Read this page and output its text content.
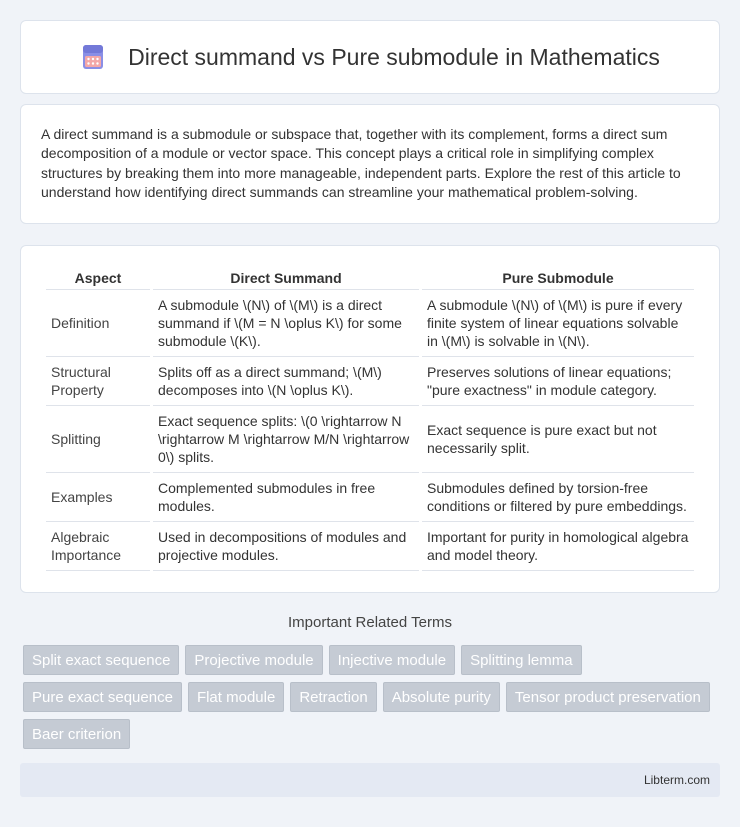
Direct summand vs Pure submodule in Mathematics

A direct summand is a submodule or subspace that, together with its complement, forms a direct sum decomposition of a module or vector space. This concept plays a critical role in simplifying complex structures by breaking them into more manageable, independent parts. Explore the rest of this article to understand how identifying direct summands can streamline your mathematical problem-solving.

Aspect	Direct Summand	Pure Submodule
Definition	A submodule \(N\) of \(M\) is a direct summand if \(M = N \oplus K\) for some submodule \(K\).	A submodule \(N\) of \(M\) is pure if every finite system of linear equations solvable in \(M\) is solvable in \(N\).
Structural Property	Splits off as a direct summand; \(M\) decomposes into \(N \oplus K\).	Preserves solutions of linear equations; "pure exactness" in module category.
Splitting	Exact sequence splits: \(0 \rightarrow N \rightarrow M \rightarrow M/N \rightarrow 0\) splits.	Exact sequence is pure exact but not necessarily split.
Examples	Complemented submodules in free modules.	Submodules defined by torsion-free conditions or filtered by pure embeddings.
Algebraic Importance	Used in decompositions of modules and projective modules.	Important for purity in homological algebra and model theory.
Important Related Terms
Split exact sequence	Projective module	Injective module	Splitting lemma
Pure exact sequence	Flat module	Retraction	Absolute purity	Tensor product preservation
Baer criterion
Libterm.com
